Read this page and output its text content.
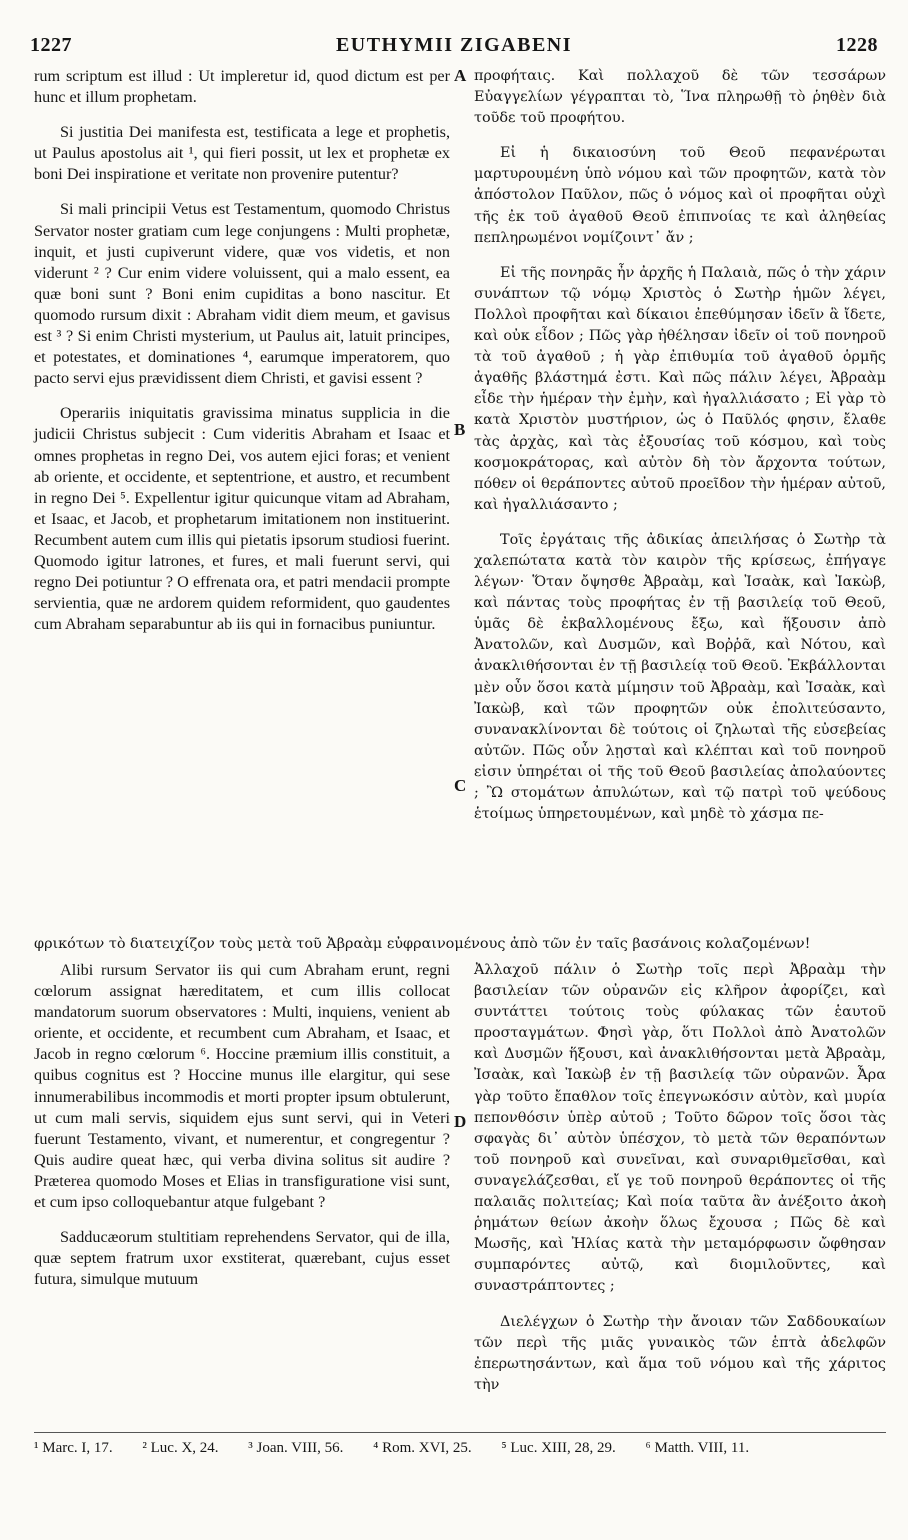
1227	EUTHYMII ZIGABENI	1228

rum scriptum est illud : Ut impleretur id, quod dictum est per hunc et illum prophetam.

Si justitia Dei manifesta est, testificata a lege et prophetis, ut Paulus apostolus ait ¹, qui fieri possit, ut lex et prophetæ ex boni Dei inspiratione et veritate non provenire putentur?

Si mali principii Vetus est Testamentum, quomodo Christus Servator noster gratiam cum lege conjungens : Multi prophetæ, inquit, et justi cupiverunt videre, quæ vos videtis, et non viderunt ² ? Cur enim videre voluissent, qui a malo essent, ea quæ boni sunt ? Boni enim cupiditas a bono nascitur. Et quomodo rursum dixit : Abraham vidit diem meum, et gavisus est ³ ? Si enim Christi mysterium, ut Paulus ait, latuit principes, et potestates, et dominationes ⁴, earumque imperatorem, quo pacto servi ejus prævidissent diem Christi, et gavisi essent ?

Operariis iniquitatis gravissima minatus supplicia in die judicii Christus subjecit : Cum videritis Abraham et Isaac et omnes prophetas in regno Dei, vos autem ejici foras; et venient ab oriente, et occidente, et septentrione, et austro, et recumbent in regno Dei ⁵. Expellentur igitur quicunque vitam ad Abraham, et Isaac, et Jacob, et prophetarum imitationem non instituerint. Recumbent autem cum illis qui pietatis ipsorum studiosi fuerint. Quomodo igitur latrones, et fures, et mali fuerunt servi, qui regno Dei potiuntur ? O effrenata ora, et patri mendacii prompte servientia, quæ ne ardorem quidem reformident, quo gaudentes cum Abraham separabuntur ab iis qui in fornacibus puniuntur.

προφήταις. Καὶ πολλαχοῦ δὲ τῶν τεσσάρων Εὐαγγελίων γέγραπται τὸ, Ἵνα πληρωθῇ τὸ ῥηθὲν διὰ τοῦδε τοῦ προφήτου.

Εἰ ἡ δικαιοσύνη τοῦ Θεοῦ πεφανέρωται μαρτυρουμένη ὑπὸ νόμου καὶ τῶν προφητῶν, κατὰ τὸν ἀπόστολον Παῦλον, πῶς ὁ νόμος καὶ οἱ προφῆται οὐχὶ τῆς ἐκ τοῦ ἀγαθοῦ Θεοῦ ἐπιπνοίας τε καὶ ἀληθείας πεπληρωμένοι νομίζοιντ᾽ ἄν ;

Εἰ τῆς πονηρᾶς ἦν ἀρχῆς ἡ Παλαιὰ, πῶς ὁ τὴν χάριν συνάπτων τῷ νόμῳ Χριστὸς ὁ Σωτὴρ ἡμῶν λέγει, Πολλοὶ προφῆται καὶ δίκαιοι ἐπεθύμησαν ἰδεῖν ἃ ἴδετε, καὶ οὐκ εἶδον ; Πῶς γὰρ ἠθέλησαν ἰδεῖν οἱ τοῦ πονηροῦ τὰ τοῦ ἀγαθοῦ ; ἡ γὰρ ἐπιθυμία τοῦ ἀγαθοῦ ὁρμῆς ἀγαθῆς βλάστημά ἐστι. Καὶ πῶς πάλιν λέγει, Ἀβραὰμ εἶδε τὴν ἡμέραν τὴν ἐμὴν, καὶ ἠγαλλιάσατο ; Εἰ γὰρ τὸ κατὰ Χριστὸν μυστήριον, ὡς ὁ Παῦλός φησιν, ἔλαθε τὰς ἀρχὰς, καὶ τὰς ἐξουσίας τοῦ κόσμου, καὶ τοὺς κοσμοκράτορας, καὶ αὐτὸν δὴ τὸν ἄρχοντα τούτων, πόθεν οἱ θεράποντες αὐτοῦ προεῖδον τὴν ἡμέραν αὐτοῦ, καὶ ἠγαλλιάσαντο ;

Τοῖς ἐργάταις τῆς ἀδικίας ἀπειλήσας ὁ Σωτὴρ τὰ χαλεπώτατα κατὰ τὸν καιρὸν τῆς κρίσεως, ἐπήγαγε λέγων· Ὅταν ὄψησθε Ἀβραὰμ, καὶ Ἰσαὰκ, καὶ Ἰακὼβ, καὶ πάντας τοὺς προφήτας ἐν τῇ βασιλείᾳ τοῦ Θεοῦ, ὑμᾶς δὲ ἐκβαλλομένους ἔξω, καὶ ἥξουσιν ἀπὸ Ἀνατολῶν, καὶ Δυσμῶν, καὶ Βοῤῥᾶ, καὶ Νότου, καὶ ἀνακλιθήσονται ἐν τῇ βασιλείᾳ τοῦ Θεοῦ. Ἐκβάλλονται μὲν οὖν ὅσοι κατὰ μίμησιν τοῦ Ἀβραὰμ, καὶ Ἰσαὰκ, καὶ Ἰακὼβ, καὶ τῶν προφητῶν οὐκ ἐπολιτεύσαντο, συνανακλίνονται δὲ τούτοις οἱ ζηλωταὶ τῆς εὐσεβείας αὐτῶν. Πῶς οὖν λῃσταὶ καὶ κλέπται καὶ τοῦ πονηροῦ εἰσιν ὑπηρέται οἱ τῆς τοῦ Θεοῦ βασιλείας ἀπολαύοντες ; Ὢ στομάτων ἀπυλώτων, καὶ τῷ πατρὶ τοῦ ψεύδους ἑτοίμως ὑπηρετουμένων, καὶ μηδὲ τὸ χάσμα πε-

A
B
C
D
φρικότων τὸ διατειχίζον τοὺς μετὰ τοῦ Ἀβραὰμ εὐφραινομένους ἀπὸ τῶν ἐν ταῖς βασάνοις κολαζομένων!

Alibi rursum Servator iis qui cum Abraham erunt, regni cœlorum assignat hæreditatem, et cum illis collocat mandatorum suorum observatores : Multi, inquiens, venient ab oriente, et occidente, et recumbent cum Abraham, et Isaac, et Jacob in regno cœlorum ⁶. Hoccine præmium illis constituit, a quibus cognitus est ? Hoccine munus ille elargitur, qui sese innumerabilibus incommodis et morti propter ipsum obtulerunt, ut cum mali servis, siquidem ejus sunt servi, qui in Veteri fuerunt Testamento, vivant, et numerentur, et congregentur ? Quis audire queat hæc, qui verba divina solitus sit audire ? Præterea quomodo Moses et Elias in transfiguratione visi sunt, et cum ipso colloquebantur atque fulgebant ?

Sadducæorum stultitiam reprehendens Servator, qui de illa, quæ septem fratrum uxor exstiterat, quærebant, cujus esset futura, simulque mutuum

Ἀλλαχοῦ πάλιν ὁ Σωτὴρ τοῖς περὶ Ἀβραὰμ τὴν βασιλείαν τῶν οὐρανῶν εἰς κλῆρον ἀφορίζει, καὶ συντάττει τούτοις τοὺς φύλακας τῶν ἑαυτοῦ προσταγμάτων. Φησὶ γὰρ, ὅτι Πολλοὶ ἀπὸ Ἀνατολῶν καὶ Δυσμῶν ἥξουσι, καὶ ἀνακλιθήσονται μετὰ Ἀβραὰμ, Ἰσαὰκ, καὶ Ἰακὼβ ἐν τῇ βασιλείᾳ τῶν οὐρανῶν. Ἆρα γὰρ τοῦτο ἔπαθλον τοῖς ἐπεγνωκόσιν αὐτὸν, καὶ μυρία πεπονθόσιν ὑπὲρ αὐτοῦ ; Τοῦτο δῶρον τοῖς ὅσοι τὰς σφαγὰς δι᾽ αὐτὸν ὑπέσχον, τὸ μετὰ τῶν θεραπόντων τοῦ πονηροῦ καὶ συνεῖναι, καὶ συναριθμεῖσθαι, καὶ συναγελάζεσθαι, εἴ γε τοῦ πονηροῦ θεράποντες οἱ τῆς παλαιᾶς πολιτείας; Καὶ ποία ταῦτα ἂν ἀνέξοιτο ἀκοὴ ῥημάτων θείων ἀκοὴν ὅλως ἔχουσα ; Πῶς δὲ καὶ Μωσῆς, καὶ Ἠλίας κατὰ τὴν μεταμόρφωσιν ὤφθησαν συμπαρόντες αὐτῷ, καὶ διομιλοῦντες, καὶ συναστράπτοντες ;

Διελέγχων ὁ Σωτὴρ τὴν ἄνοιαν τῶν Σαδδουκαίων τῶν περὶ τῆς μιᾶς γυναικὸς τῶν ἑπτὰ ἀδελφῶν ἐπερωτησάντων, καὶ ἅμα τοῦ νόμου καὶ τῆς χάριτος τὴν

¹ Marc. I, 17. ² Luc. X, 24. ³ Joan. VIII, 56. ⁴ Rom. XVI, 25. ⁵ Luc. XIII, 28, 29. ⁶ Matth. VIII, 11.
